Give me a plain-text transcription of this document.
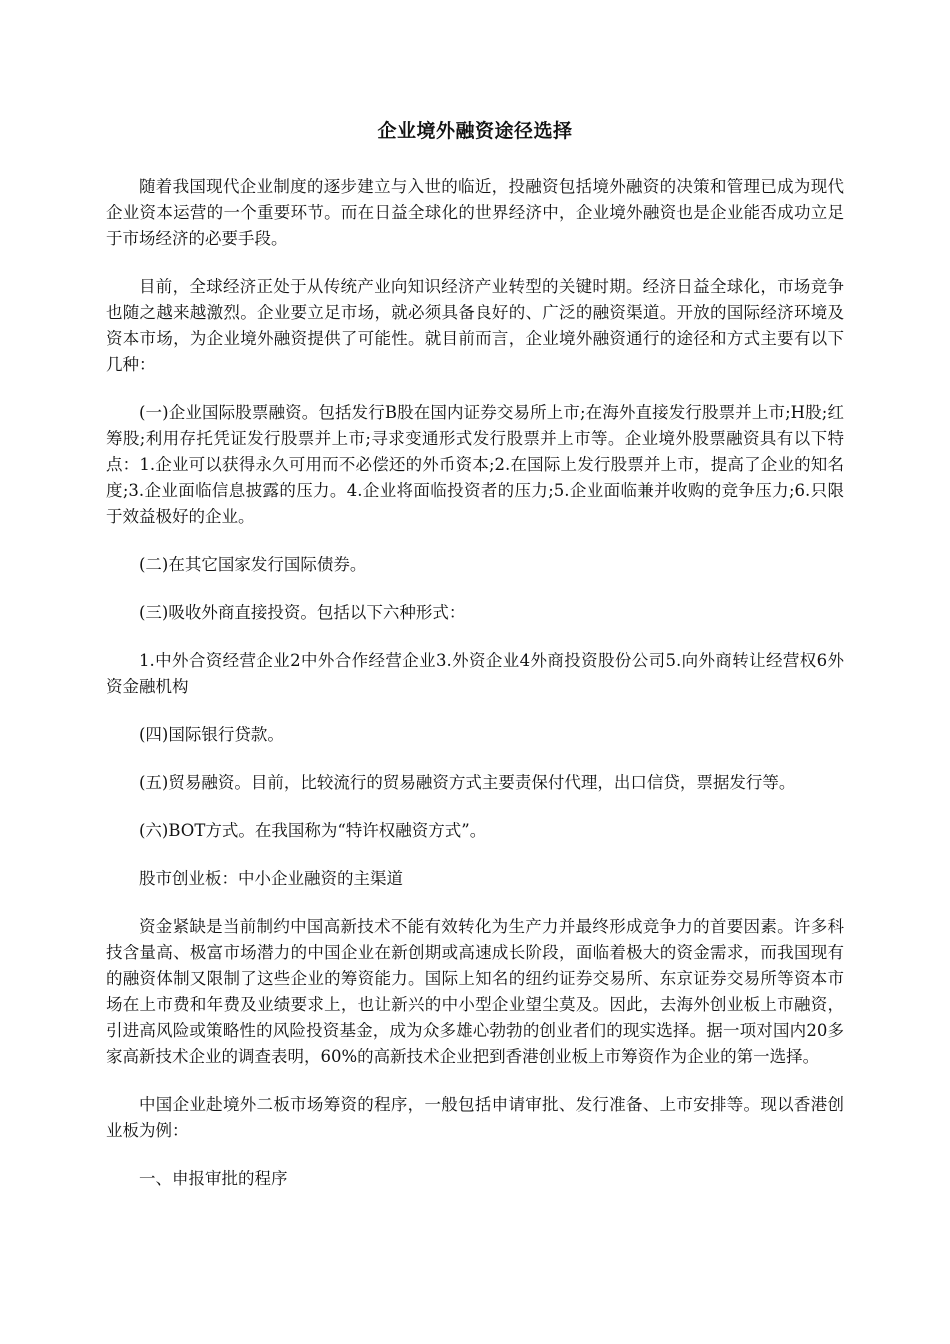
企业境外融资途径选择

随着我国现代企业制度的逐步建立与入世的临近，投融资包括境外融资的决策和管理已成为现代企业资本运营的一个重要环节。而在日益全球化的世界经济中，企业境外融资也是企业能否成功立足于市场经济的必要手段。

目前，全球经济正处于从传统产业向知识经济产业转型的关键时期。经济日益全球化，市场竞争也随之越来越激烈。企业要立足市场，就必须具备良好的、广泛的融资渠道。开放的国际经济环境及资本市场，为企业境外融资提供了可能性。就目前而言，企业境外融资通行的途径和方式主要有以下几种：

(一)企业国际股票融资。包括发行B股在国内证券交易所上市;在海外直接发行股票并上市;H股;红筹股;利用存托凭证发行股票并上市;寻求变通形式发行股票并上市等。企业境外股票融资具有以下特点：1.企业可以获得永久可用而不必偿还的外币资本;2.在国际上发行股票并上市，提高了企业的知名度;3.企业面临信息披露的压力。4.企业将面临投资者的压力;5.企业面临兼并收购的竞争压力;6.只限于效益极好的企业。

(二)在其它国家发行国际债券。

(三)吸收外商直接投资。包括以下六种形式：

1.中外合资经营企业2中外合作经营企业3.外资企业4外商投资股份公司5.向外商转让经营权6外资金融机构

(四)国际银行贷款。

(五)贸易融资。目前，比较流行的贸易融资方式主要责保付代理，出口信贷，票据发行等。

(六)BOT方式。在我国称为“特许权融资方式”。

股市创业板：中小企业融资的主渠道

资金紧缺是当前制约中国高新技术不能有效转化为生产力并最终形成竞争力的首要因素。许多科技含量高、极富市场潜力的中国企业在新创期或高速成长阶段，面临着极大的资金需求，而我国现有的融资体制又限制了这些企业的筹资能力。国际上知名的纽约证券交易所、东京证券交易所等资本市场在上市费和年费及业绩要求上，也让新兴的中小型企业望尘莫及。因此，去海外创业板上市融资，引进高风险或策略性的风险投资基金，成为众多雄心勃勃的创业者们的现实选择。据一项对国内20多家高新技术企业的调查表明，60%的高新技术企业把到香港创业板上市筹资作为企业的第一选择。

中国企业赴境外二板市场筹资的程序，一般包括申请审批、发行准备、上市安排等。现以香港创业板为例：

一、申报审批的程序
